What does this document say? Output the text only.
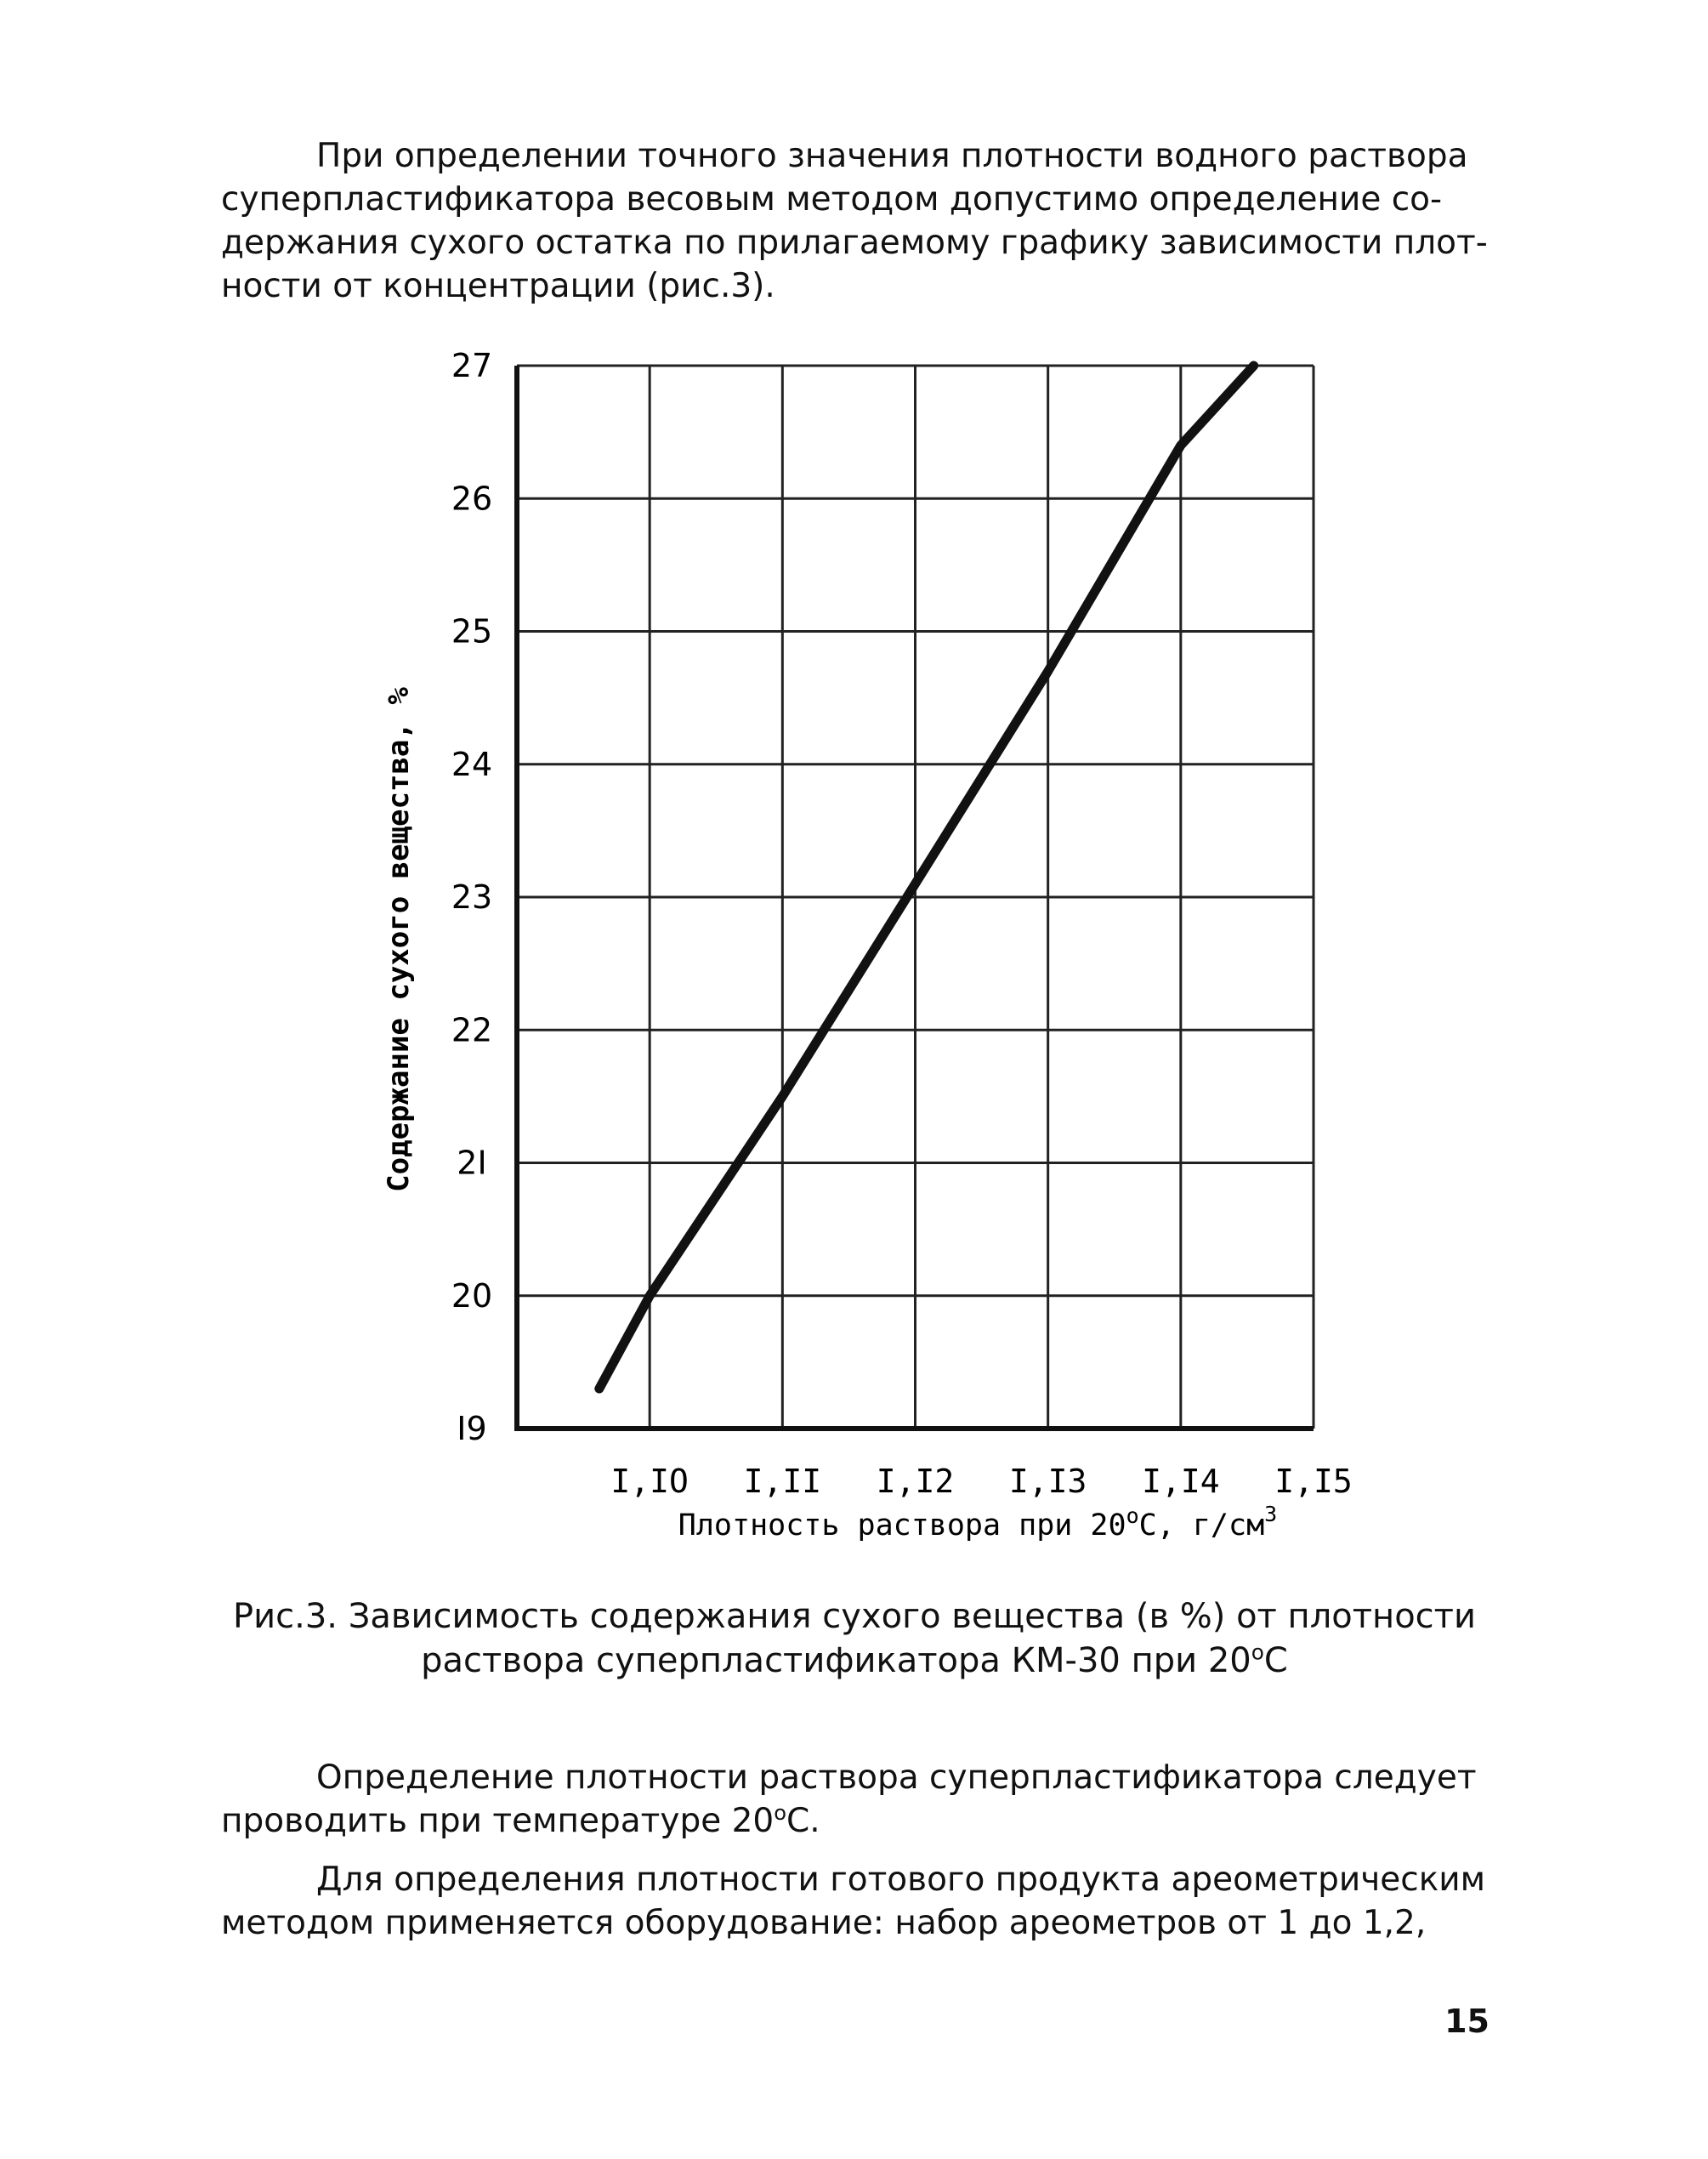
При определении точного значения плотности водного раствора
суперпластификатора весовым методом допустимо определение со-
держания сухого остатка по прилагаемому графику зависимости плот-
ности от концентрации (рис.3).
I9
20
2I
22
23
24
25
26
27
I,IO I,II I,I2 I,I3 I,I4 I,I5
Содержание сухого вещества, %
Плотность раствора при 20$^o$С, $г/см^3$
Рис.3. Зависимость содержания сухого вещества (в %) от плотности
раствора суперпластификатора КМ-30 при $20^оС$
Определение плотности раствора суперпластификатора следует
проводить при температуре $20^оС$.
Для определения плотности готового продукта ареометрическим
методом применяется оборудование: набор ареометров от 1 до 1,2,
15
